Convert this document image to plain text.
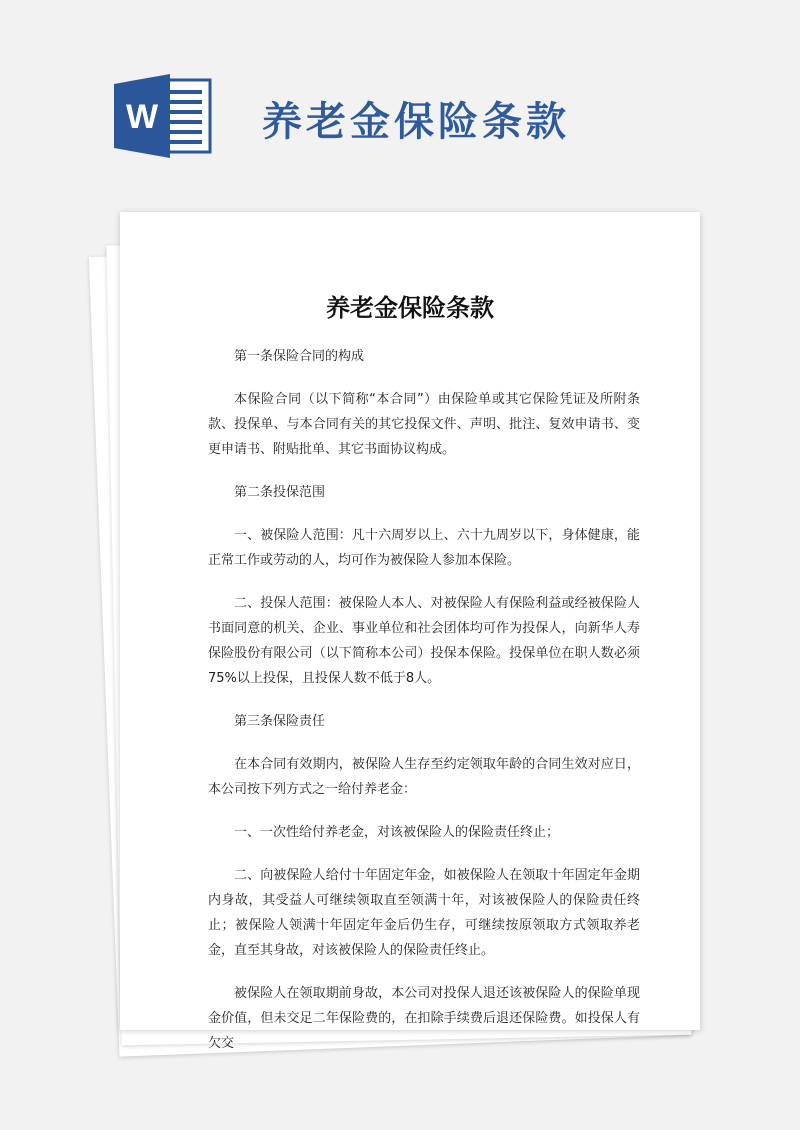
W	养老金保险条款
养老金保险条款

第一条保险合同的构成

本保险合同（以下简称“本合同”）由保险单或其它保险凭证及所附条款、投保单、与本合同有关的其它投保文件、声明、批注、复效申请书、变更申请书、附贴批单、其它书面协议构成。

第二条投保范围

一、被保险人范围：凡十六周岁以上、六十九周岁以下，身体健康，能正常工作或劳动的人，均可作为被保险人参加本保险。

二、投保人范围：被保险人本人、对被保险人有保险利益或经被保险人书面同意的机关、企业、事业单位和社会团体均可作为投保人，向新华人寿保险股份有限公司（以下简称本公司）投保本保险。投保单位在职人数必须75%以上投保，且投保人数不低于8人。

第三条保险责任

在本合同有效期内，被保险人生存至约定领取年龄的合同生效对应日，本公司按下列方式之一给付养老金：

一、一次性给付养老金，对该被保险人的保险责任终止；

二、向被保险人给付十年固定年金，如被保险人在领取十年固定年金期内身故，其受益人可继续领取直至领满十年，对该被保险人的保险责任终止；被保险人领满十年固定年金后仍生存，可继续按原领取方式领取养老金，直至其身故，对该被保险人的保险责任终止。

被保险人在领取期前身故，本公司对投保人退还该被保险人的保险单现金价值，但未交足二年保险费的，在扣除手续费后退还保险费。如投保人有欠交
